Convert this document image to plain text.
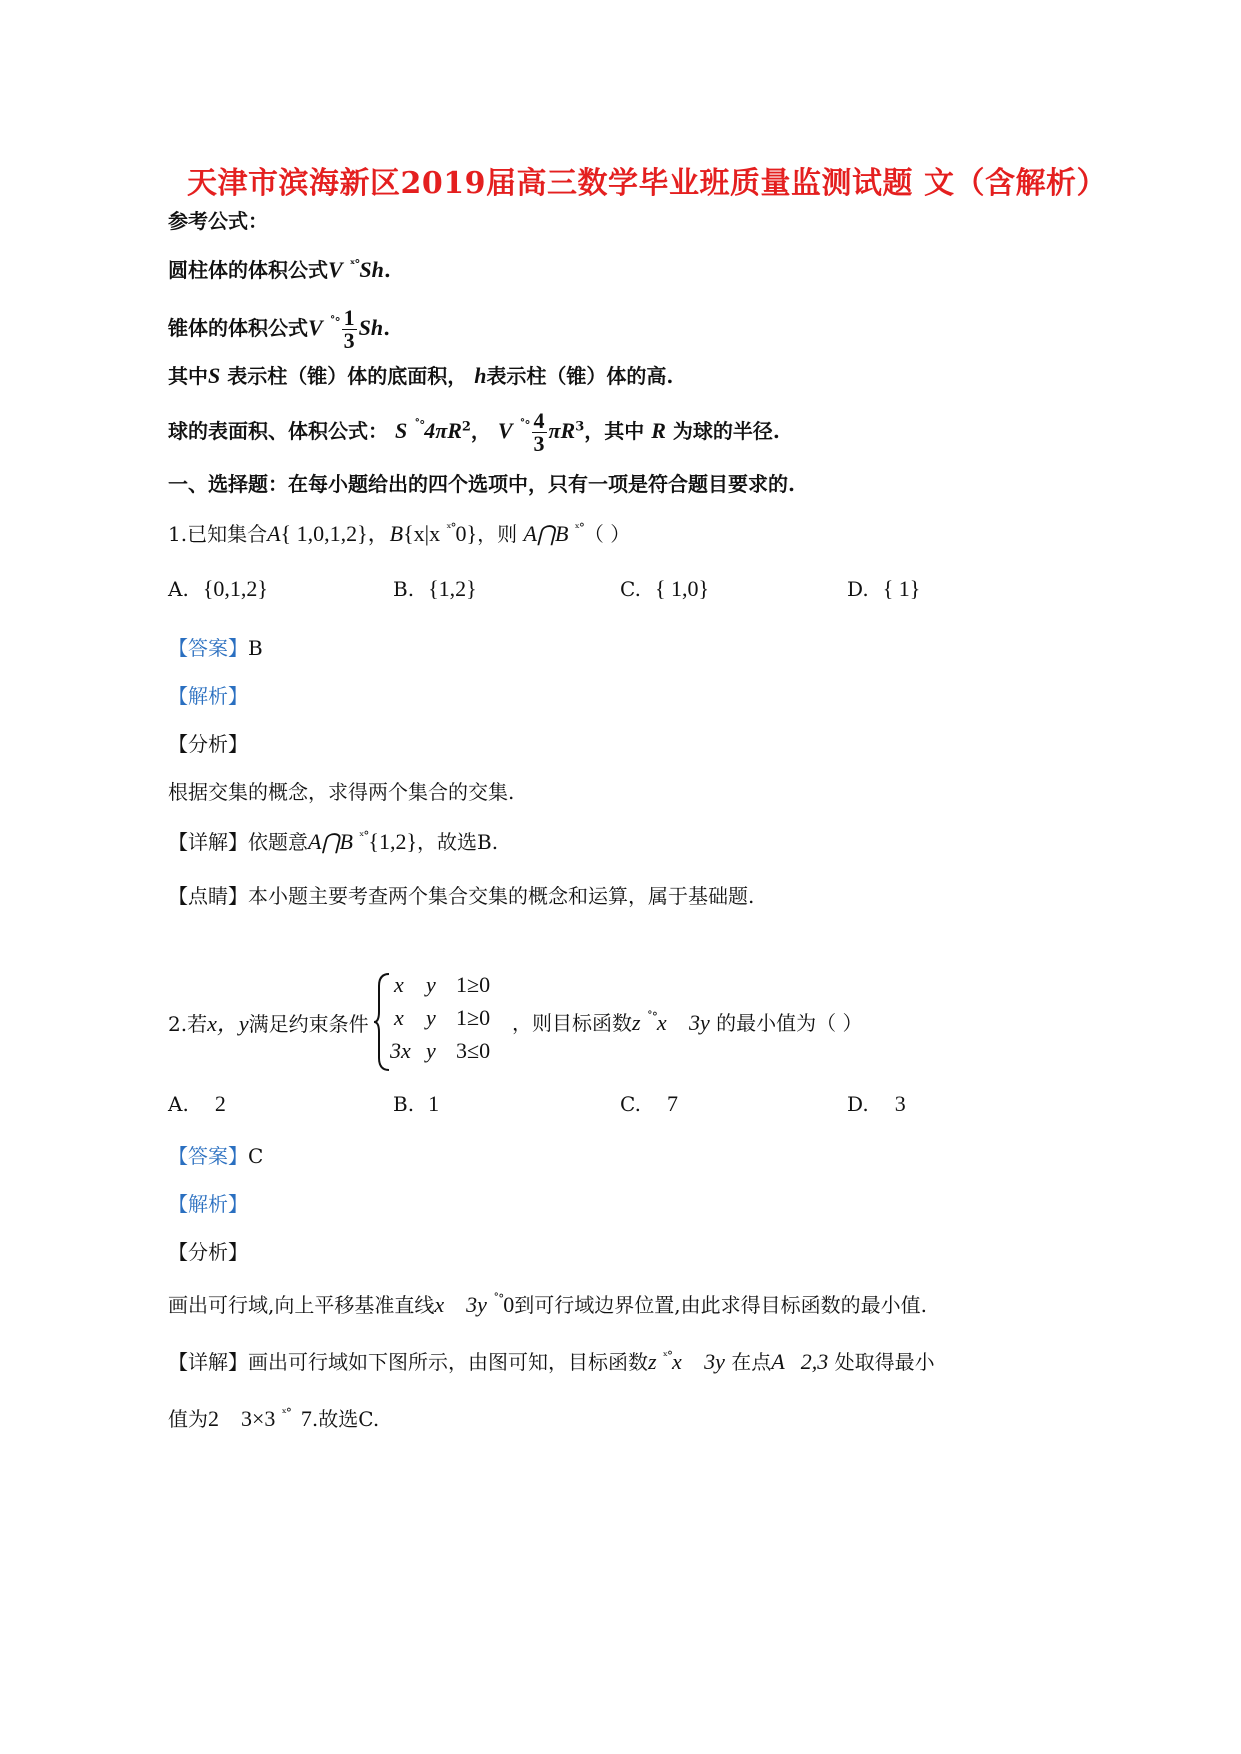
天津市滨海新区2019届高三数学毕业班质量监测试题 文（含解析）
参考公式：
圆柱体的体积公式V $^{ˣ^\circ}$Sh.
锥体的体积公式V $^{˚^\circ} \frac{1}{3} Sh$.
其中S 表示柱（锥）体的底面积， h表示柱（锥）体的高.
球的表面积、体积公式： S $^{˚^\circ}4\pi R^2$， V $^{˚^\circ} \frac{4}{3} \pi R^3$，其中 R 为球的半径.
一、选择题：在每小题给出的四个选项中，只有一项是符合题目要求的.
1.已知集合A{ 1,0,1,2}，B{x|x $^{ˣ^\circ}$0}，则 A⋂B $^{ˣ^\circ}$（ ）
A. {0,1,2}	B. {1,2}	C. { 1,0}	D. { 1}
【答案】B
【解析】
【分析】
根据交集的概念，求得两个集合的交集.
【详解】依题意A⋂B $^{ˣ^\circ}${1,2}，故选B.
【点睛】本小题主要考查两个集合交集的概念和运算，属于基础题.
2.若x，y满足约束条件
x y 1≥0
x y 1≥0
3x y 3≤0
，则目标函数z ˚°x 3y 的最小值为（ ）
A. 2	B. 1	C. 7	D. 3
【答案】C
【解析】
【分析】
画出可行域,向上平移基准直线x    3y ˚°0到可行域边界位置,由此求得目标函数的最小值.
【详解】画出可行域如下图所示，由图可知，目标函数z $^{ˣ^\circ}$x 3y 在点A   2,3 处取得最小
值为2    3×3 $^{ˣ^\circ}$ 7.故选C.
